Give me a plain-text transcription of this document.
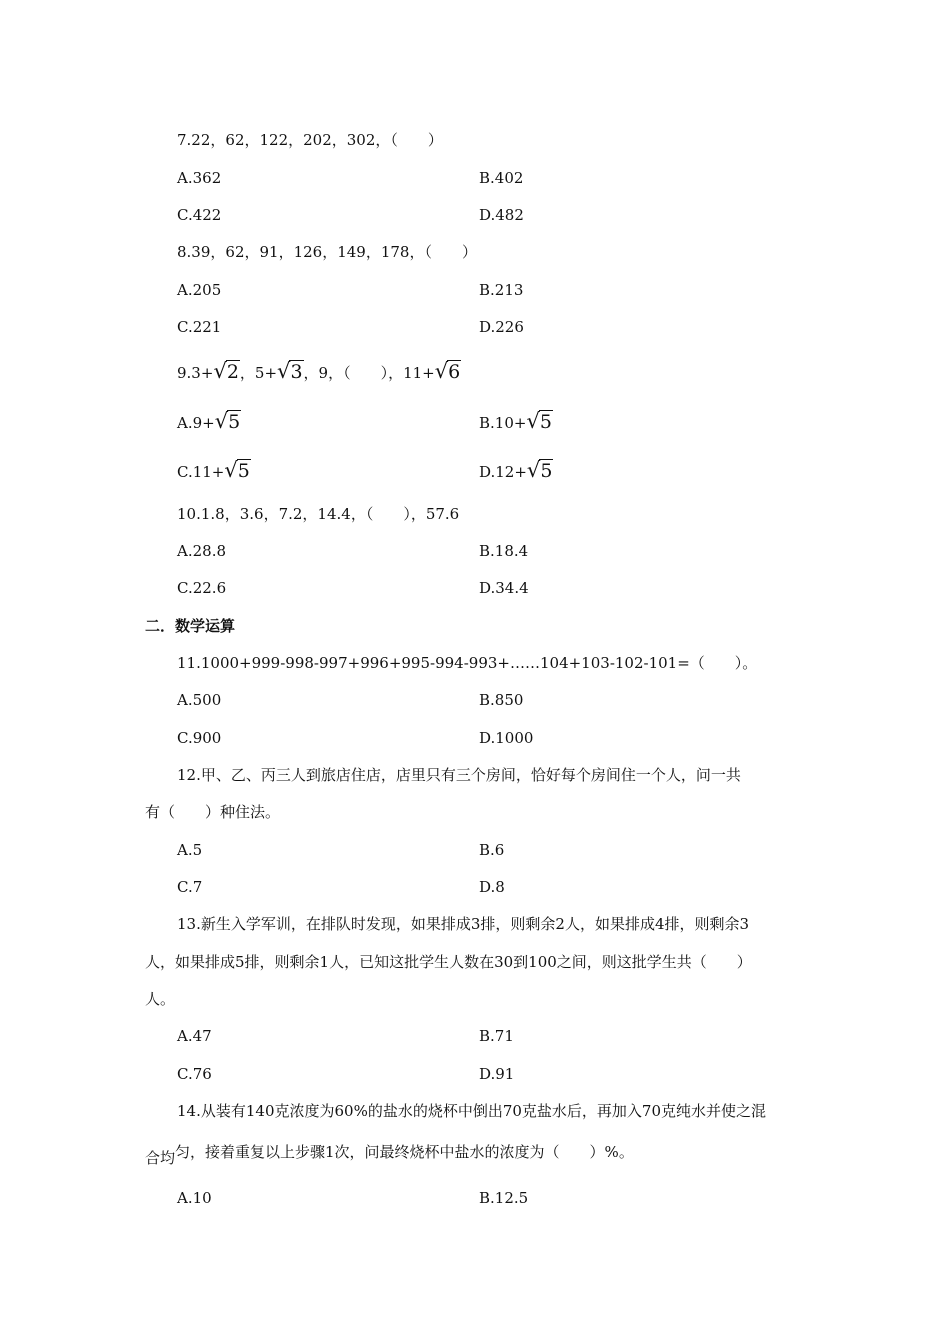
7.22，62，122，202，302，（　　）
A.362	B.402
C.422	D.482
8.39，62，91，126，149，178，（　　）
A.205	B.213
C.221	D.226
9.3+√2，5+√3，9，（　　），11+√6
A.9+√5	B.10+√5
C.11+√5	D.12+√5
10.1.8，3.6，7.2，14.4，（　　），57.6
A.28.8	B.18.4
C.22.6	D.34.4
二．数学运算
11.1000+999-998-997+996+995-994-993+……104+103-102-101=（　　）。
A.500	B.850
C.900	D.1000
12.甲、乙、丙三人到旅店住店，店里只有三个房间，恰好每个房间住一个人，问一共
有（　　）种住法。
A.5	B.6
C.7	D.8
13.新生入学军训，在排队时发现，如果排成3排，则剩余2人，如果排成4排，则剩余3
人，如果排成5排，则剩余1人，已知这批学生人数在30到100之间，则这批学生共（　　）
人。
A.47	B.71
C.76	D.91
14.从装有140克浓度为60%的盐水的烧杯中倒出70克盐水后，再加入70克纯水并使之混
合均匀，接着重复以上步骤1次，问最终烧杯中盐水的浓度为（　　）%。
A.10	B.12.5
